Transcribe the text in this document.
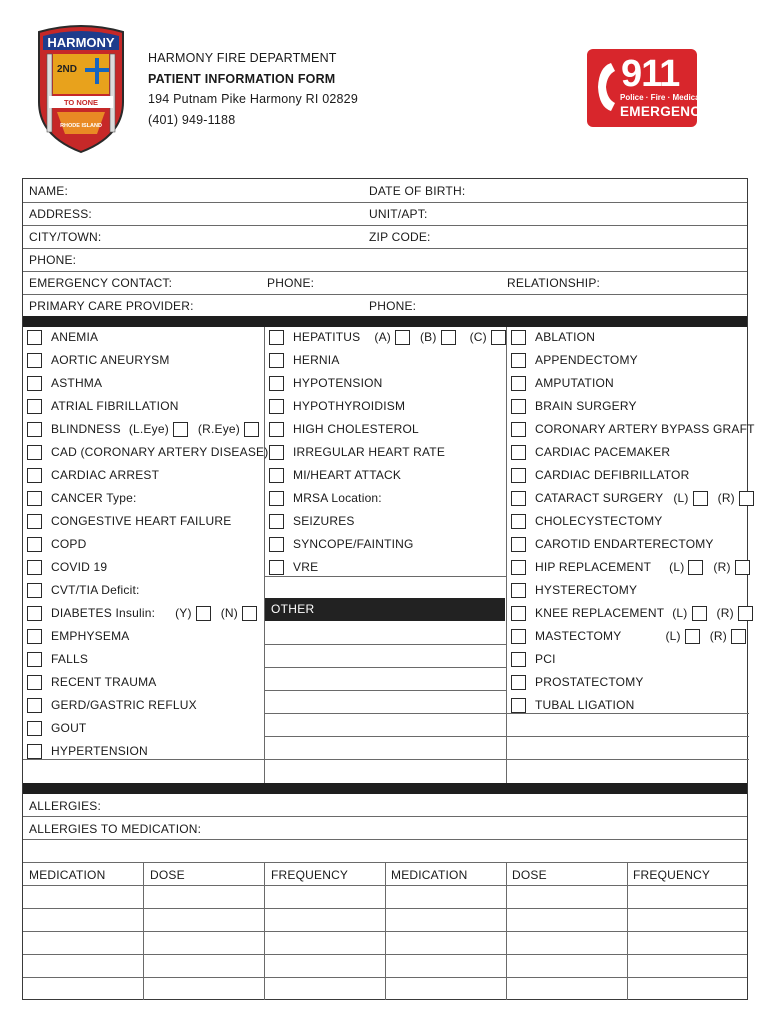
HARMONY
2ND
TO NONE
RHODE ISLAND
HARMONY FIRE DEPARTMENT
PATIENT INFORMATION FORM
194 Putnam Pike Harmony RI 02829
(401) 949-1188
911
Police · Fire · Medical
EMERGENCY
NAME:	DATE OF BIRTH:
ADDRESS:	UNIT/APT:
CITY/TOWN:	ZIP CODE:
PHONE:
EMERGENCY CONTACT:	PHONE:	RELATIONSHIP:
PRIMARY CARE PROVIDER:	PHONE:
ANEMIA
AORTIC ANEURYSM
ASTHMA
ATRIAL FIBRILLATION
BLINDNESS (L.Eye) (R.Eye)
CAD (CORONARY ARTERY DISEASE)
CARDIAC ARREST
CANCER Type:
CONGESTIVE HEART FAILURE
COPD
COVID 19
CVT/TIA Deficit:
DIABETES Insulin: (Y) (N)
EMPHYSEMA
FALLS
RECENT TRAUMA
GERD/GASTRIC REFLUX
GOUT
HYPERTENSION
HEPATITUS (A) (B)	(C)
HERNIA
HYPOTENSION
HYPOTHYROIDISM
HIGH CHOLESTEROL
IRREGULAR HEART RATE
MI/HEART ATTACK
MRSA Location:
SEIZURES
SYNCOPE/FAINTING
VRE
OTHER
ABLATION
APPENDECTOMY
AMPUTATION
BRAIN SURGERY
CORONARY ARTERY BYPASS GRAFT
CARDIAC PACEMAKER
CARDIAC DEFIBRILLATOR
CATARACT SURGERY (L) (R)
CHOLECYSTECTOMY
CAROTID ENDARTERECTOMY
HIP REPLACEMENT (L) (R)
HYSTERECTOMY
KNEE REPLACEMENT (L) (R)
MASTECTOMY	(L) (R)
PCI
PROSTATECTOMY
TUBAL LIGATION
ALLERGIES:
ALLERGIES TO MEDICATION:
MEDICATION	DOSE	FREQUENCY	MEDICATION	DOSE	FREQUENCY
